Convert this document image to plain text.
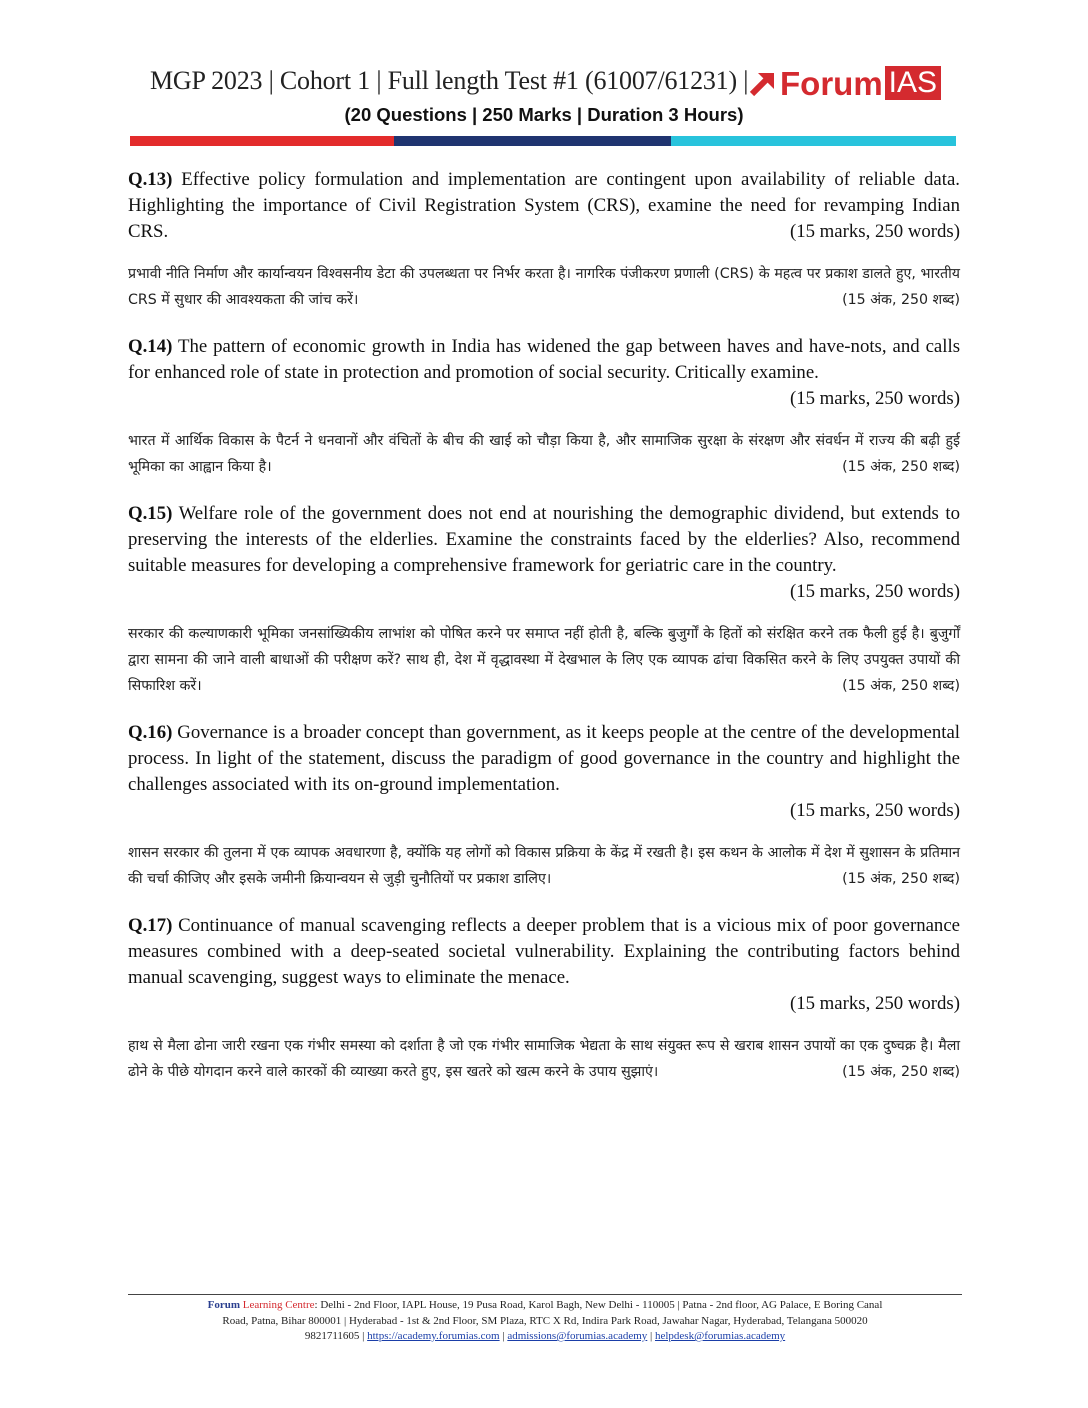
MGP 2023 | Cohort 1 | Full length Test #1 (61007/61231) | Forum IAS
(20 Questions | 250 Marks | Duration 3 Hours)
Q.13) Effective policy formulation and implementation are contingent upon availability of reliable data. Highlighting the importance of Civil Registration System (CRS), examine the need for revamping Indian CRS.	(15 marks, 250 words)
प्रभावी नीति निर्माण और कार्यान्वयन विश्वसनीय डेटा की उपलब्धता पर निर्भर करता है। नागरिक पंजीकरण प्रणाली (CRS) के महत्व पर प्रकाश डालते हुए, भारतीय CRS में सुधार की आवश्यकता की जांच करें।	(15 अंक, 250 शब्द)
Q.14) The pattern of economic growth in India has widened the gap between haves and have-nots, and calls for enhanced role of state in protection and promotion of social security. Critically examine.
(15 marks, 250 words)
भारत में आर्थिक विकास के पैटर्न ने धनवानों और वंचितों के बीच की खाई को चौड़ा किया है, और सामाजिक सुरक्षा के संरक्षण और संवर्धन में राज्य की बढ़ी हुई भूमिका का आह्वान किया है।	(15 अंक, 250 शब्द)
Q.15) Welfare role of the government does not end at nourishing the demographic dividend, but extends to preserving the interests of the elderlies. Examine the constraints faced by the elderlies? Also, recommend suitable measures for developing a comprehensive framework for geriatric care in the country.
(15 marks, 250 words)
सरकार की कल्याणकारी भूमिका जनसांख्यिकीय लाभांश को पोषित करने पर समाप्त नहीं होती है, बल्कि बुजुर्गों के हितों को संरक्षित करने तक फैली हुई है। बुजुर्गों द्वारा सामना की जाने वाली बाधाओं की परीक्षण करें? साथ ही, देश में वृद्धावस्था में देखभाल के लिए एक व्यापक ढांचा विकसित करने के लिए उपयुक्त उपायों की सिफारिश करें।	(15 अंक, 250 शब्द)
Q.16) Governance is a broader concept than government, as it keeps people at the centre of the developmental process. In light of the statement, discuss the paradigm of good governance in the country and highlight the challenges associated with its on-ground implementation.
(15 marks, 250 words)
शासन सरकार की तुलना में एक व्यापक अवधारणा है, क्योंकि यह लोगों को विकास प्रक्रिया के केंद्र में रखती है। इस कथन के आलोक में देश में सुशासन के प्रतिमान की चर्चा कीजिए और इसके जमीनी क्रियान्वयन से जुड़ी चुनौतियों पर प्रकाश डालिए।	(15 अंक, 250 शब्द)
Q.17) Continuance of manual scavenging reflects a deeper problem that is a vicious mix of poor governance measures combined with a deep-seated societal vulnerability. Explaining the contributing factors behind manual scavenging, suggest ways to eliminate the menace.
(15 marks, 250 words)
हाथ से मैला ढोना जारी रखना एक गंभीर समस्या को दर्शाता है जो एक गंभीर सामाजिक भेद्यता के साथ संयुक्त रूप से खराब शासन उपायों का एक दुष्चक्र है। मैला ढोने के पीछे योगदान करने वाले कारकों की व्याख्या करते हुए, इस खतरे को खत्म करने के उपाय सुझाएं।	(15 अंक, 250 शब्द)
Forum Learning Centre: Delhi - 2nd Floor, IAPL House, 19 Pusa Road, Karol Bagh, New Delhi - 110005 | Patna - 2nd floor, AG Palace, E Boring Canal
Road, Patna, Bihar 800001 | Hyderabad - 1st & 2nd Floor, SM Plaza, RTC X Rd, Indira Park Road, Jawahar Nagar, Hyderabad, Telangana 500020
9821711605 | https://academy.forumias.com | admissions@forumias.academy | helpdesk@forumias.academy
